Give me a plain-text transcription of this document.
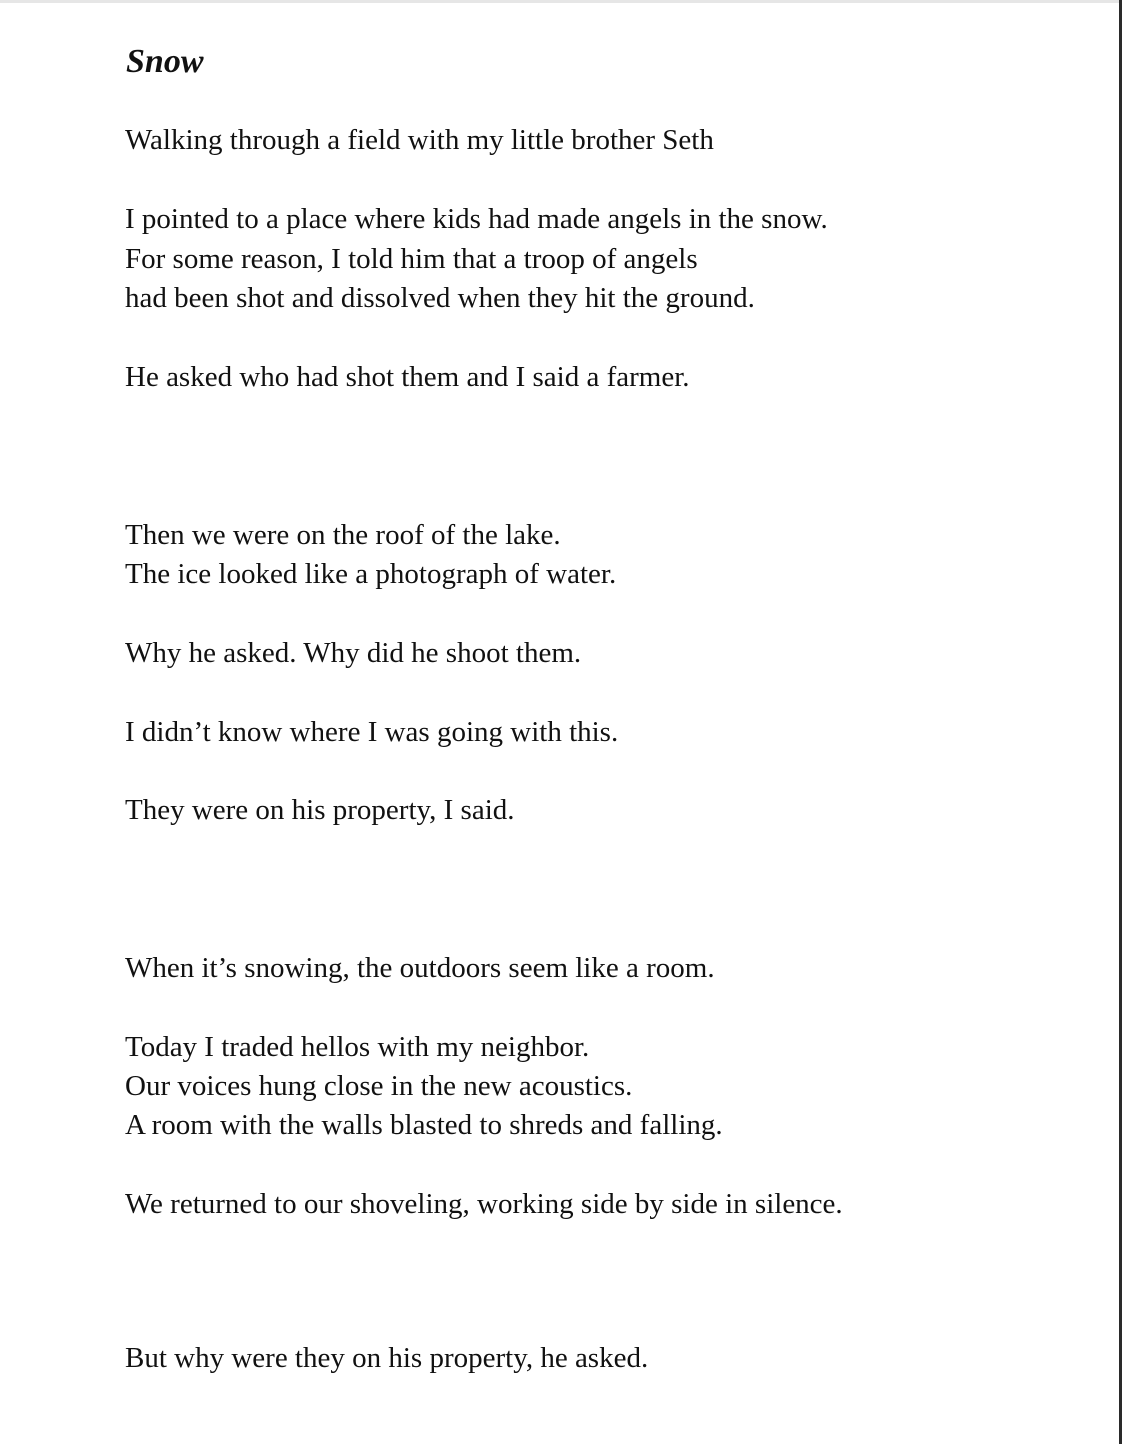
Snow

Walking through a field with my little brother Seth

I pointed to a place where kids had made angels in the snow.

For some reason, I told him that a troop of angels

had been shot and dissolved when they hit the ground.

He asked who had shot them and I said a farmer.

Then we were on the roof of the lake.

The ice looked like a photograph of water.

Why he asked. Why did he shoot them.

I didn’t know where I was going with this.

They were on his property, I said.

When it’s snowing, the outdoors seem like a room.

Today I traded hellos with my neighbor.

Our voices hung close in the new acoustics.

A room with the walls blasted to shreds and falling.

We returned to our shoveling, working side by side in silence.

But why were they on his property, he asked.
